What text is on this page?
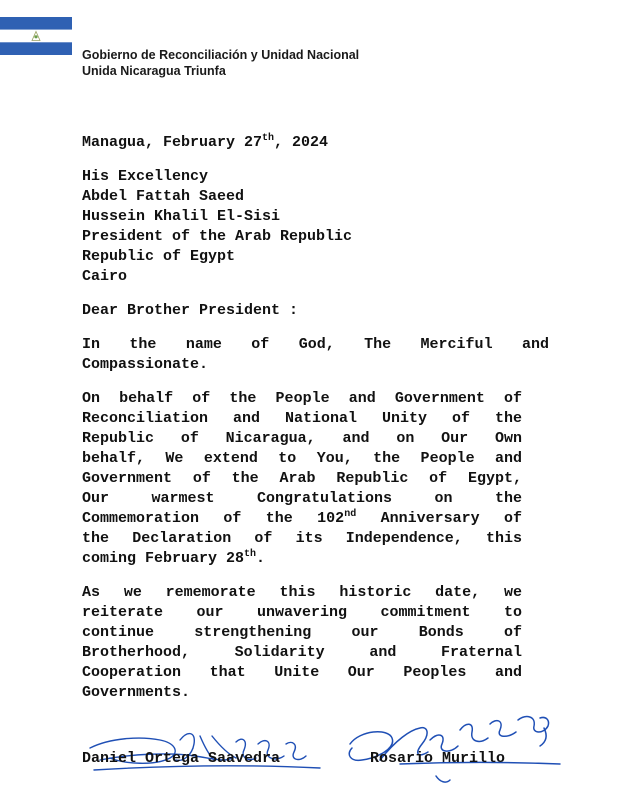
Gobierno de Reconciliación y Unidad Nacional
Unida Nicaragua Triunfa
Managua, February 27th, 2024
His Excellency
Abdel Fattah Saeed
Hussein Khalil El-Sisi
President of the Arab Republic
Republic of Egypt
Cairo
Dear Brother President :
In the name of God, The Merciful and
Compassionate.
On behalf of the People and Government of
Reconciliation and National Unity of the
Republic of Nicaragua, and on Our Own
behalf, We extend to You, the People and
Government of the Arab Republic of Egypt,
Our warmest Congratulations on the
Commemoration of the 102nd Anniversary of
the Declaration of its Independence, this
coming February 28th.
As we rememorate this historic date, we
reiterate our unwavering commitment to
continue strengthening our Bonds of
Brotherhood, Solidarity and Fraternal
Cooperation that Unite Our Peoples and
Governments.
Daniel Ortega Saavedra	Rosario Murillo
